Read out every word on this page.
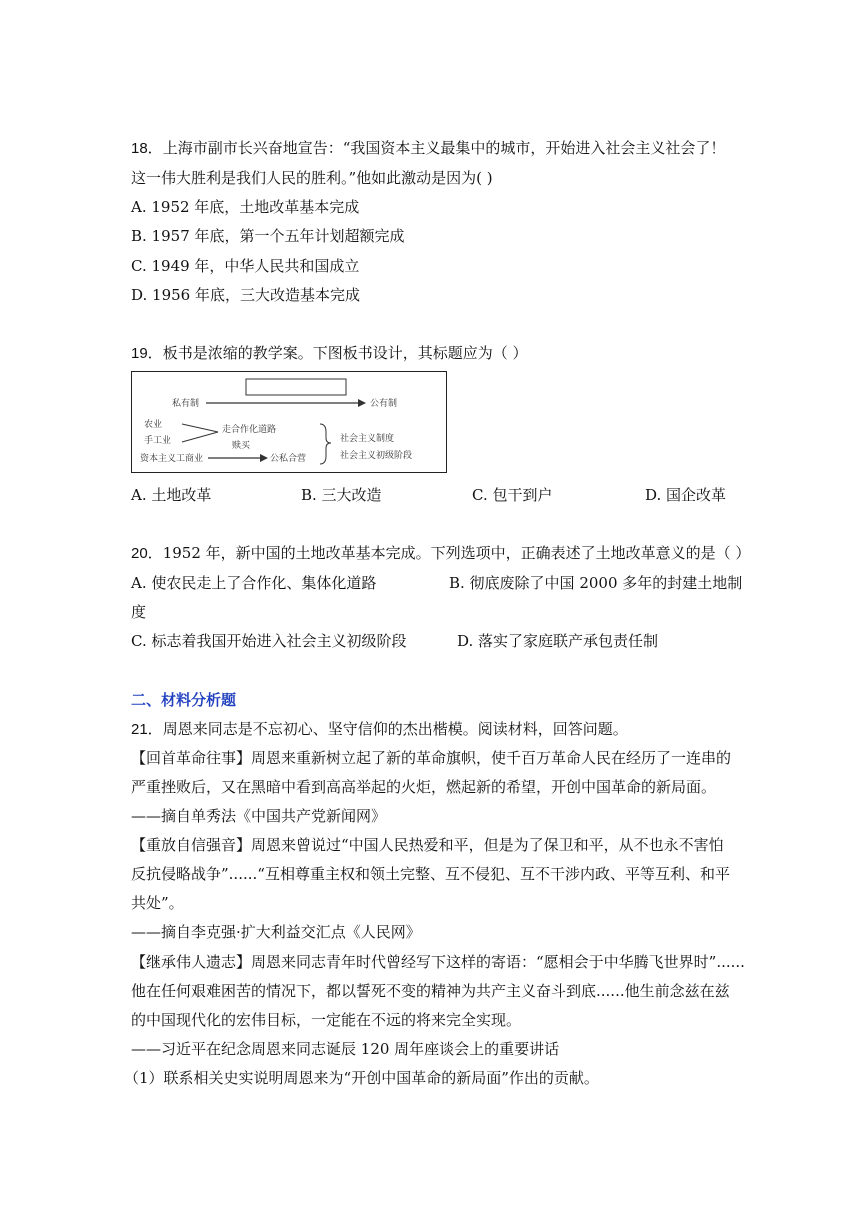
18．上海市副市长兴奋地宣告：“我国资本主义最集中的城市，开始进入社会主义社会了！
这一伟大胜利是我们人民的胜利。”他如此激动是因为( )
A. 1952 年底，土地改革基本完成
B. 1957 年底，第一个五年计划超额完成
C. 1949 年，中华人民共和国成立
D. 1956 年底，三大改造基本完成
19．板书是浓缩的教学案。下图板书设计，其标题应为（ ）
私有制	公有制
农业
手工业
资本主义工商业
走合作化道路
赎买
公私合营
社会主义制度
社会主义初级阶段
A. 土地改革	B. 三大改造	C. 包干到户	D. 国企改革
20．1952 年，新中国的土地改革基本完成。下列选项中，正确表述了土地改革意义的是（ ）
A. 使农民走上了合作化、集体化道路	B. 彻底废除了中国 2000 多年的封建土地制
度
C. 标志着我国开始进入社会主义初级阶段	D. 落实了家庭联产承包责任制
二、材料分析题
21．周恩来同志是不忘初心、坚守信仰的杰出楷模。阅读材料，回答问题。
【回首革命往事】周恩来重新树立起了新的革命旗帜，使千百万革命人民在经历了一连串的
严重挫败后，又在黑暗中看到高高举起的火炬，燃起新的希望，开创中国革命的新局面。
——摘自单秀法《中国共产党新闻网》
【重放自信强音】周恩来曾说过“中国人民热爱和平，但是为了保卫和平，从不也永不害怕
反抗侵略战争”......“互相尊重主权和领土完整、互不侵犯、互不干涉内政、平等互利、和平
共处”。
——摘自李克强·扩大利益交汇点《人民网》
【继承伟人遗志】周恩来同志青年时代曾经写下这样的寄语：“愿相会于中华腾飞世界时”......
他在任何艰难困苦的情况下，都以誓死不变的精神为共产主义奋斗到底......他生前念兹在兹
的中国现代化的宏伟目标，一定能在不远的将来完全实现。
——习近平在纪念周恩来同志诞辰 120 周年座谈会上的重要讲话
（1）联系相关史实说明周恩来为“开创中国革命的新局面”作出的贡献。
